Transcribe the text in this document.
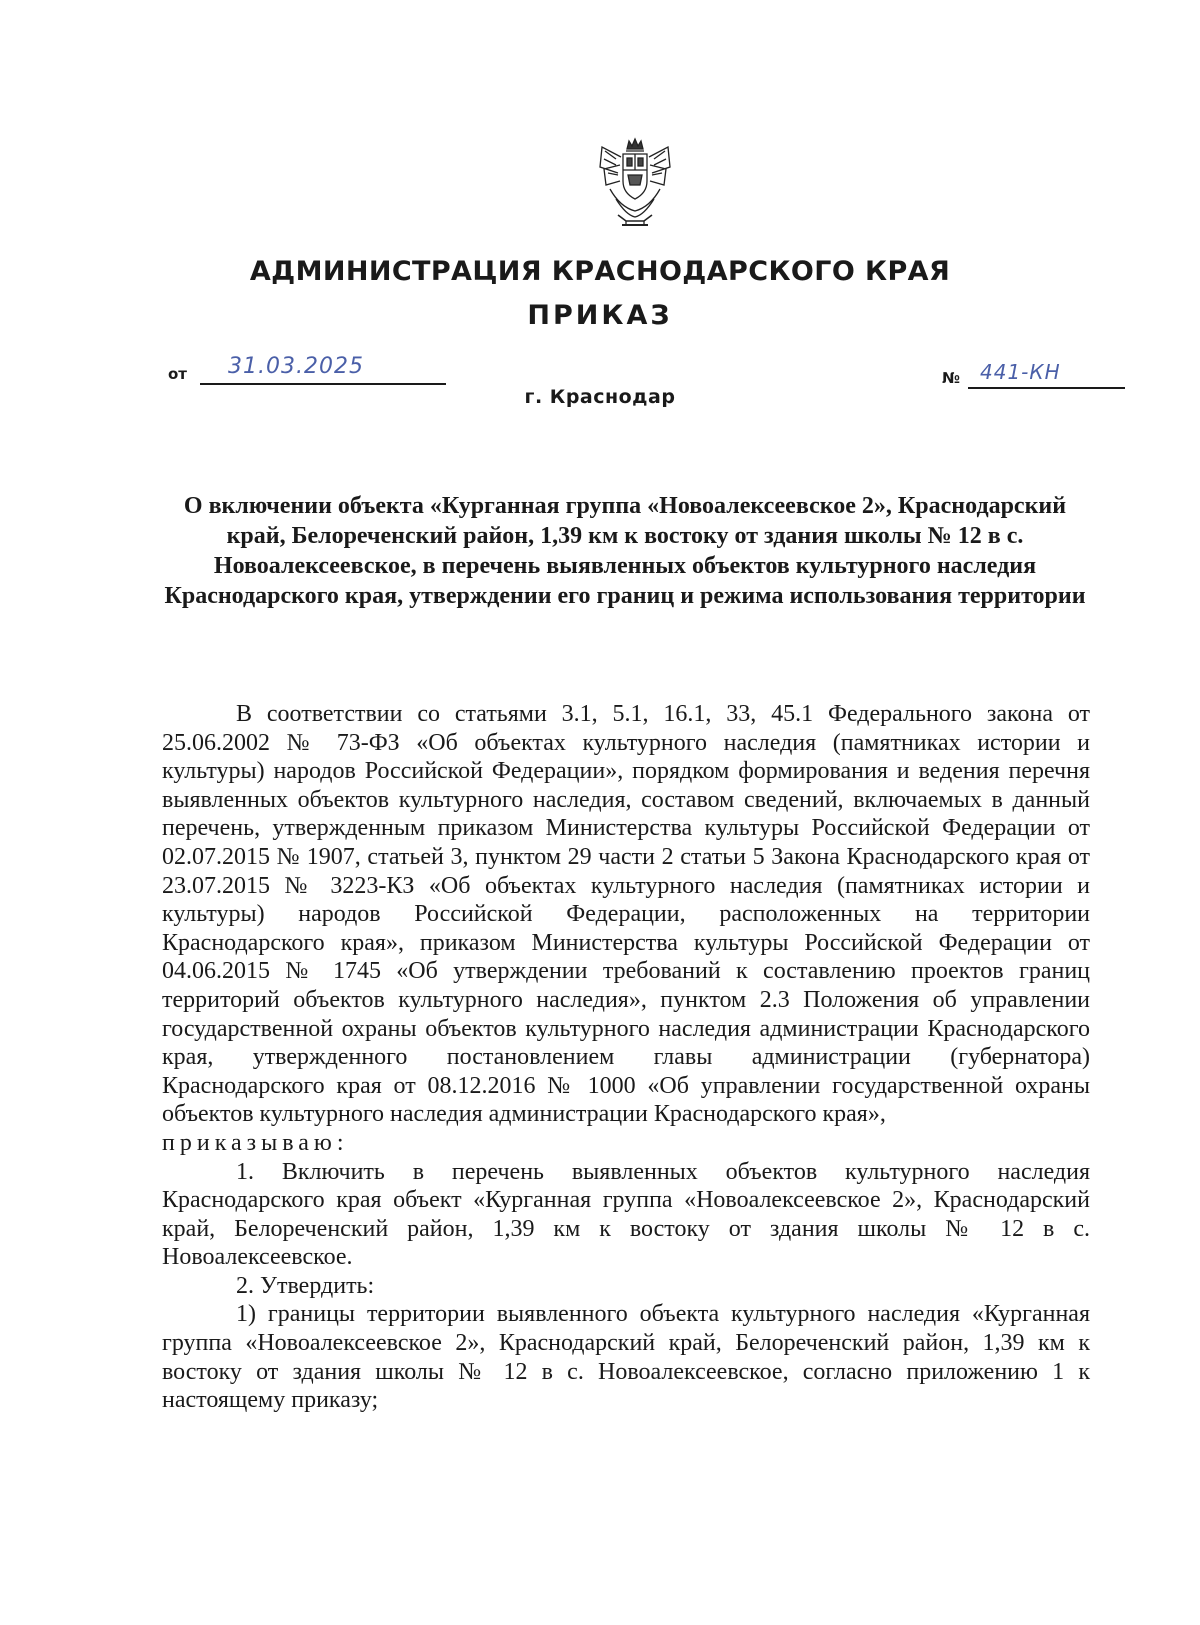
АДМИНИСТРАЦИЯ КРАСНОДАРСКОГО КРАЯ
ПРИКАЗ
от 31.03.2025	№ 441-КН
г. Краснодар
О включении объекта «Курганная группа «Новоалексеевское 2», Краснодарский край, Белореченский район, 1,39 км к востоку от здания школы № 12 в с. Новоалексеевское, в перечень выявленных объектов культурного наследия Краснодарского края, утверждении его границ и режима использования территории

В соответствии со статьями 3.1, 5.1, 16.1, 33, 45.1 Федерального закона от 25.06.2002 № 73-ФЗ «Об объектах культурного наследия (памятниках истории и культуры) народов Российской Федерации», порядком формирования и ведения перечня выявленных объектов культурного наследия, составом сведений, включаемых в данный перечень, утвержденным приказом Министерства культуры Российской Федерации от 02.07.2015 № 1907, статьей 3, пунктом 29 части 2 статьи 5 Закона Краснодарского края от 23.07.2015 № 3223-КЗ «Об объектах культурного наследия (памятниках истории и культуры) народов Российской Федерации, расположенных на территории Краснодарского края», приказом Министерства культуры Российской Федерации от 04.06.2015 № 1745 «Об утверждении требований к составлению проектов границ территорий объектов культурного наследия», пунктом 2.3 Положения об управлении государственной охраны объектов культурного наследия администрации Краснодарского края, утвержденного постановлением главы администрации (губернатора) Краснодарского края от 08.12.2016 № 1000 «Об управлении государственной охраны объектов культурного наследия администрации Краснодарского края»,

приказываю:

1. Включить в перечень выявленных объектов культурного наследия Краснодарского края объект «Курганная группа «Новоалексеевское 2», Краснодарский край, Белореченский район, 1,39 км к востоку от здания школы № 12 в с. Новоалексеевское.

2. Утвердить:

1) границы территории выявленного объекта культурного наследия «Курганная группа «Новоалексеевское 2», Краснодарский край, Белореченский район, 1,39 км к востоку от здания школы № 12 в с. Новоалексеевское, согласно приложению 1 к настоящему приказу;
